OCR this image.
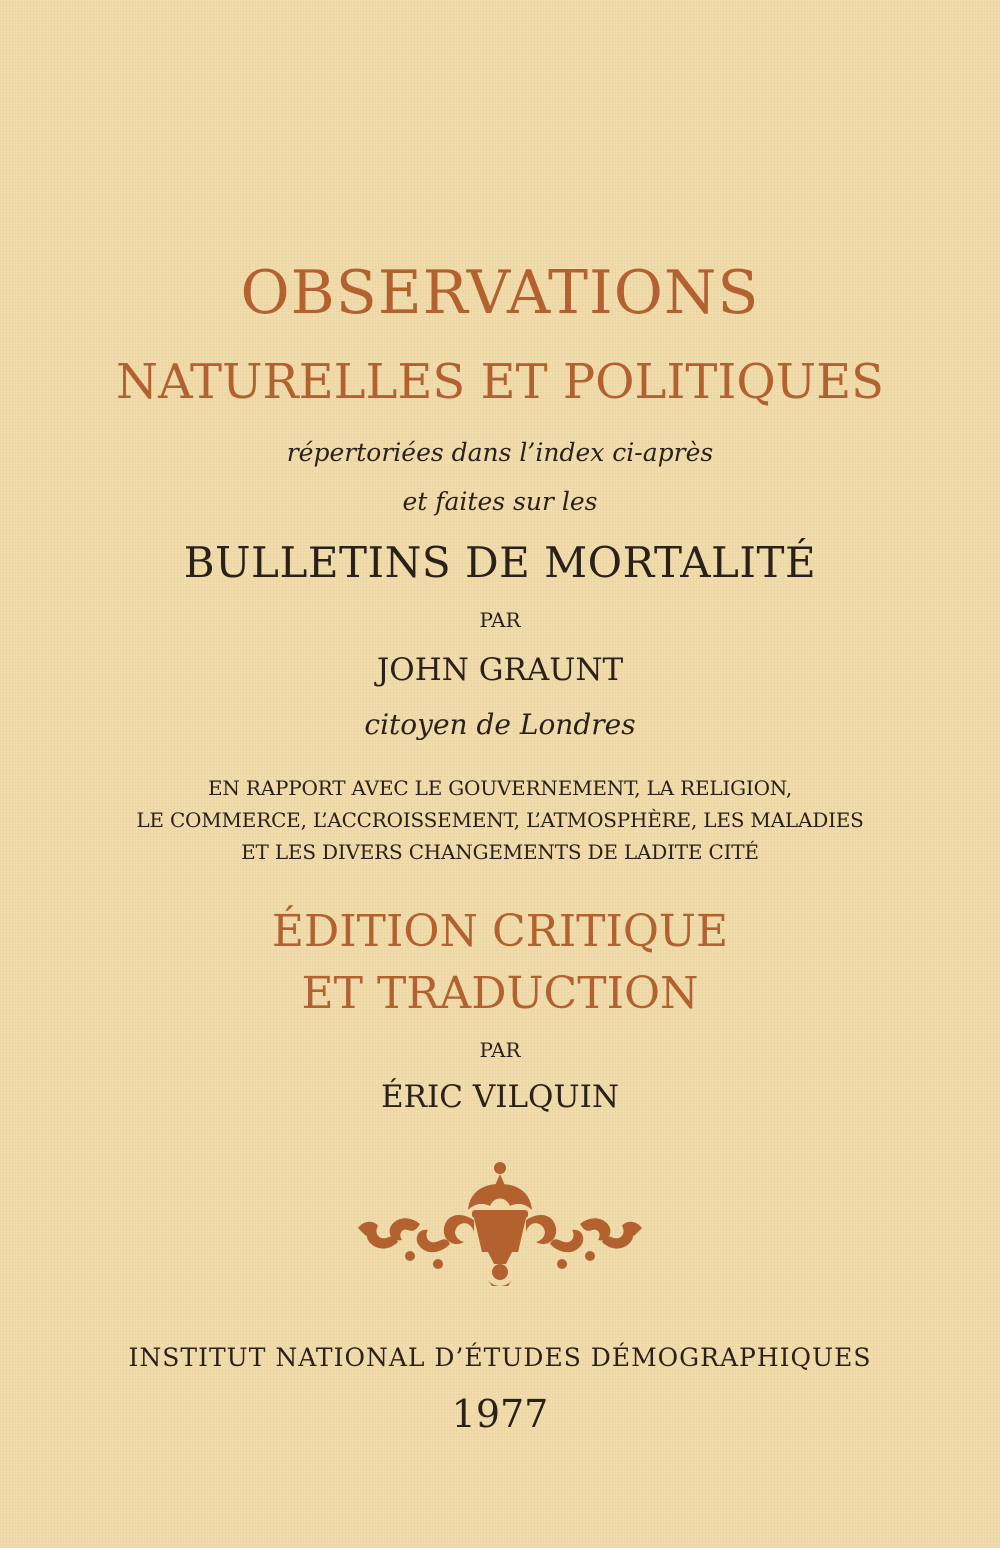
OBSERVATIONS
NATURELLES ET POLITIQUES
répertoriées dans l’index ci-après
et faites sur les
BULLETINS DE MORTALITÉ
PAR
JOHN GRAUNT
citoyen de Londres
EN RAPPORT AVEC LE GOUVERNEMENT, LA RELIGION,
LE COMMERCE, L’ACCROISSEMENT, L’ATMOSPHÈRE, LES MALADIES
ET LES DIVERS CHANGEMENTS DE LADITE CITÉ
ÉDITION CRITIQUE
ET TRADUCTION
PAR
ÉRIC VILQUIN
INSTITUT NATIONAL D’ÉTUDES DÉMOGRAPHIQUES
1977
